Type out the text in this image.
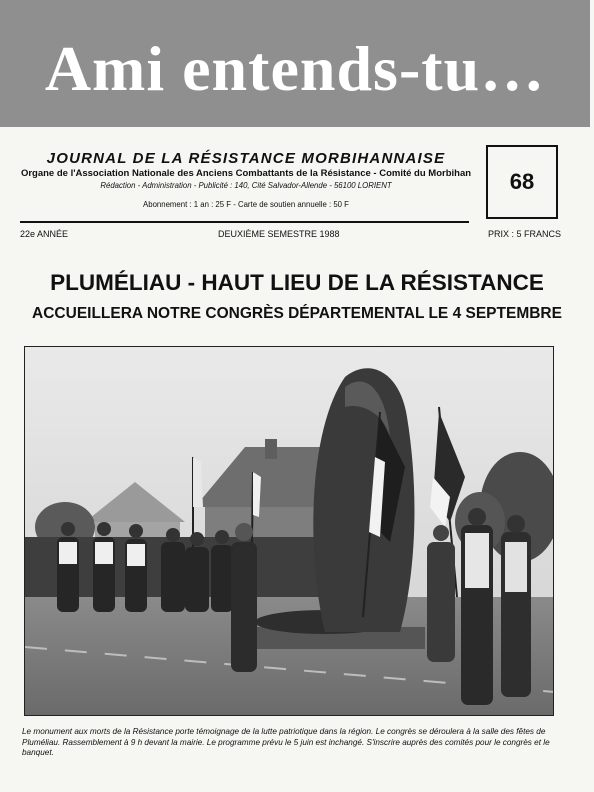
Ami entends-tu…
JOURNAL DE LA RÉSISTANCE MORBIHANNAISE
Organe de l'Association Nationale des Anciens Combattants de la Résistance - Comité du Morbihan
Rédaction - Administration - Publicité : 140, Cité Salvador-Allende - 56100 LORIENT
Abonnement : 1 an : 25 F - Carte de soutien annuelle : 50 F
68
22e ANNÉE	DEUXIÈME SEMESTRE 1988	PRIX : 5 FRANCS
PLUMÉLIAU - HAUT LIEU DE LA RÉSISTANCE
ACCUEILLERA NOTRE CONGRÈS DÉPARTEMENTAL LE 4 SEPTEMBRE
Le monument aux morts de la Résistance porte témoignage de la lutte patriotique dans la région. Le congrès se déroulera à la salle des fêtes de Pluméliau. Rassemblement à 9 h devant la mairie. Le programme prévu le 5 juin est inchangé. S'inscrire auprès des comités pour le congrès et le banquet.
